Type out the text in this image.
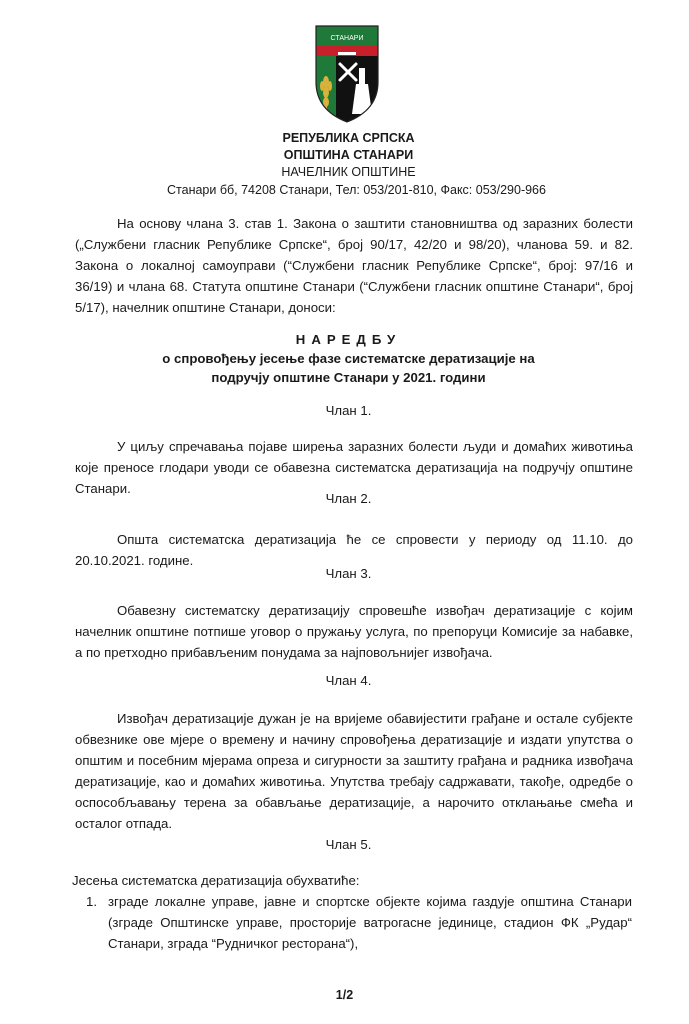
СТАНАРИ
РЕПУБЛИКА СРПСКА
ОПШТИНА СТАНАРИ
НАЧЕЛНИК ОПШТИНЕ
Станари бб, 74208 Станари, Тел: 053/201-810, Факс: 053/290-966
На основу члана 3. став 1. Закона о заштити становништва од заразних болести („Службени гласник Републике Српске“, број 90/17, 42/20 и 98/20), чланова 59. и 82. Закона о локалној самоуправи (“Службени гласник Републике Српске“, број: 97/16 и 36/19) и члана 68. Статута општине Станари (“Службени гласник општине Станари“, број 5/17), начелник општине Станари, доноси:
НАРЕДБУ
о спровођењу јесење фазе систематске дератизације на
подручју општине Станари у 2021. години
Члан 1.
У циљу спречавања појаве ширења заразних болести људи и домаћих животиња које преносе глодари уводи се обавезна систематска дератизација на подручју општине Станари.
Члан 2.
Општа систематска дератизација ће се спровести у периоду од 11.10. до 20.10.2021. године.
Члан 3.
Обавезну систематску дератизацију спровешће извођач дератизације с којим начелник општине потпише уговор о пружању услуга, по препоруци Комисије за набавке, а по претходно прибављеним понудама за најповољнијег извођача.
Члан 4.
Извођач дератизације дужан је на вријеме обавијестити грађане и остале субјекте обвезнике ове мјере о времену и начину спровођења дератизације и издати упутства о општим и посебним мјерама опреза и сигурности за заштиту грађана и радника извођача дератизације, као и домаћих животиња. Упутства требају садржавати, такође, одредбе о оспособљавању терена за обављање дератизације, а нарочито отклањање смећа и осталог отпада.
Члан 5.
Јесења систематска дератизација обухватиће:
1. зграде локалне управе, јавне и спортске објекте којима газдује општина Станари (зграде Општинске управе, просторије ватрогасне јединице, стадион ФК „Рудар“ Станари, зграда “Рудничког ресторана“),
1/2
